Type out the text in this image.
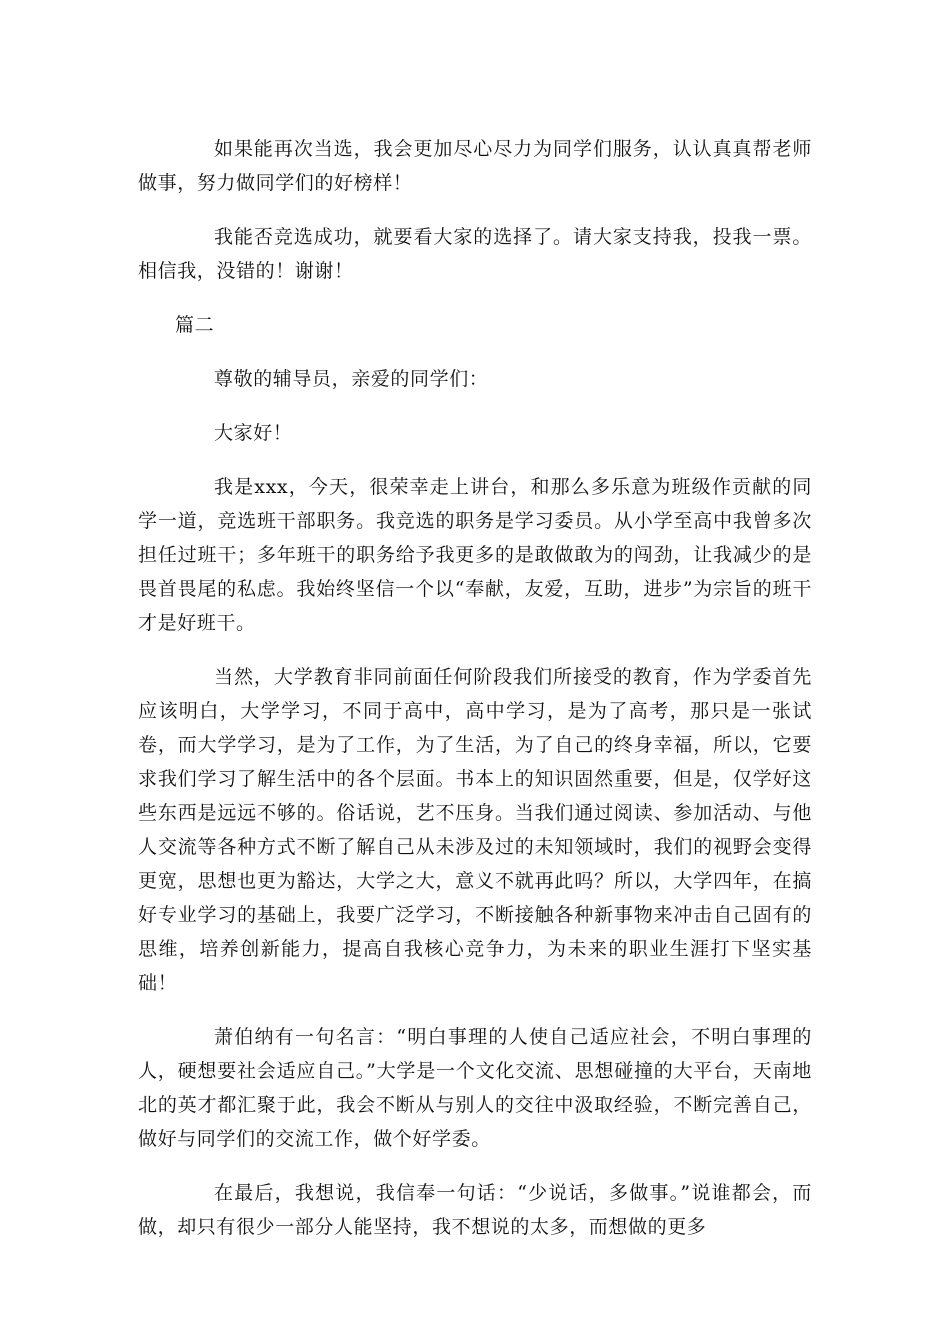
如果能再次当选，我会更加尽心尽力为同学们服务，认认真真帮老师做事，努力做同学们的好榜样！

我能否竞选成功，就要看大家的选择了。请大家支持我，投我一票。相信我，没错的！谢谢！

篇二

尊敬的辅导员，亲爱的同学们：

大家好！

我是xxx，今天，很荣幸走上讲台，和那么多乐意为班级作贡献的同学一道，竞选班干部职务。我竞选的职务是学习委员。从小学至高中我曾多次担任过班干；多年班干的职务给予我更多的是敢做敢为的闯劲，让我减少的是畏首畏尾的私虑。我始终坚信一个以“奉献，友爱，互助，进步”为宗旨的班干才是好班干。

当然，大学教育非同前面任何阶段我们所接受的教育，作为学委首先应该明白，大学学习，不同于高中，高中学习，是为了高考，那只是一张试卷，而大学学习，是为了工作，为了生活，为了自己的终身幸福，所以，它要求我们学习了解生活中的各个层面。书本上的知识固然重要，但是，仅学好这些东西是远远不够的。俗话说，艺不压身。当我们通过阅读、参加活动、与他人交流等各种方式不断了解自己从未涉及过的未知领域时，我们的视野会变得更宽，思想也更为豁达，大学之大，意义不就再此吗？所以，大学四年，在搞好专业学习的基础上，我要广泛学习，不断接触各种新事物来冲击自己固有的思维，培养创新能力，提高自我核心竞争力，为未来的职业生涯打下坚实基础！

萧伯纳有一句名言：“明白事理的人使自己适应社会，不明白事理的人，硬想要社会适应自己。”大学是一个文化交流、思想碰撞的大平台，天南地北的英才都汇聚于此，我会不断从与别人的交往中汲取经验，不断完善自己，做好与同学们的交流工作，做个好学委。

在最后，我想说，我信奉一句话：“少说话，多做事。”说谁都会，而做，却只有很少一部分人能坚持，我不想说的太多，而想做的更多
